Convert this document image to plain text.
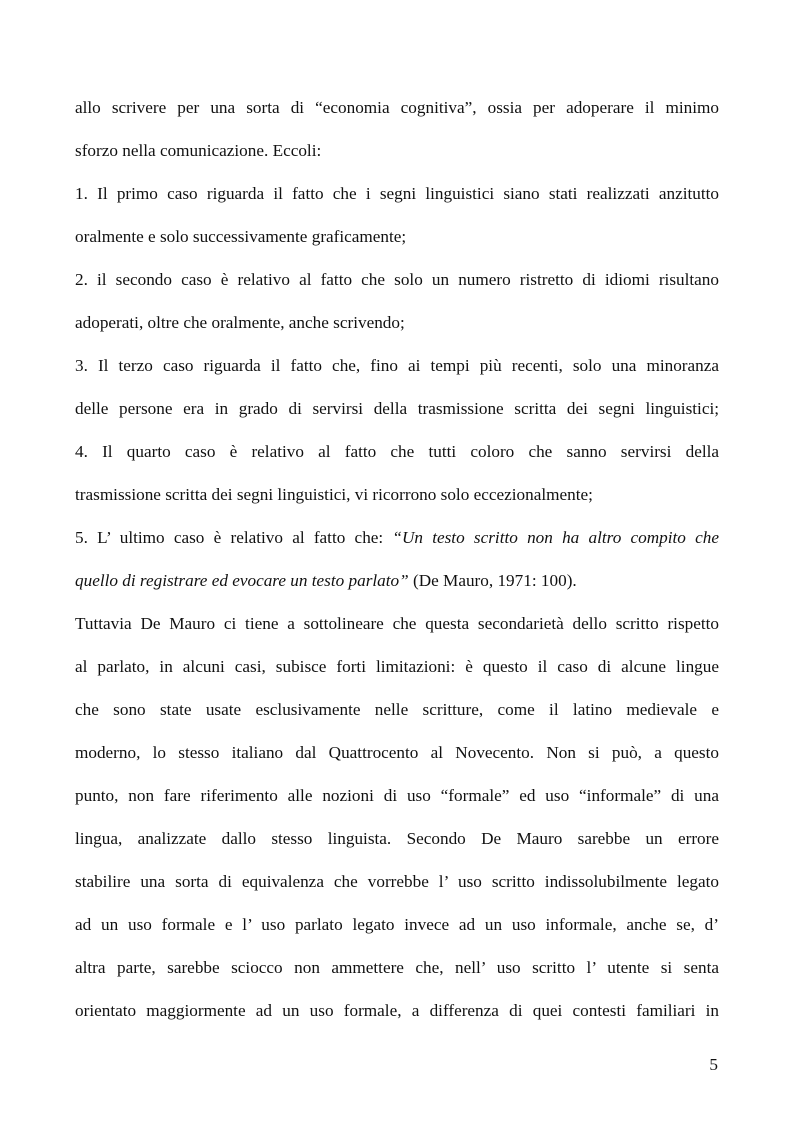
allo scrivere per una sorta di “economia cognitiva”, ossia per adoperare il minimo
sforzo nella comunicazione. Eccoli:
1. Il primo caso riguarda il fatto che i segni linguistici siano stati realizzati anzitutto
oralmente e solo successivamente graficamente;
2. il secondo caso è relativo al fatto che solo un numero ristretto di idiomi risultano
adoperati, oltre che oralmente, anche scrivendo;
3. Il terzo caso riguarda il fatto che, fino ai tempi più recenti, solo una minoranza
delle persone era in grado di servirsi della trasmissione scritta dei segni linguistici;
4. Il quarto caso è relativo al fatto che tutti coloro che sanno servirsi della
trasmissione scritta dei segni linguistici, vi ricorrono solo eccezionalmente;
5. L’ ultimo caso è relativo al fatto che: “Un testo scritto non ha altro compito che
quello di registrare ed evocare un testo parlato” (De Mauro, 1971: 100).
Tuttavia De Mauro ci tiene a sottolineare che questa secondarietà dello scritto rispetto
al parlato, in alcuni casi, subisce forti limitazioni: è questo il caso di alcune lingue
che sono state usate esclusivamente nelle scritture, come il latino medievale e
moderno, lo stesso italiano dal Quattrocento al Novecento. Non si può, a questo
punto, non fare riferimento alle nozioni di uso “formale” ed uso “informale” di una
lingua, analizzate dallo stesso linguista. Secondo De Mauro sarebbe un errore
stabilire una sorta di equivalenza che vorrebbe l’ uso scritto indissolubilmente legato
ad un uso formale e l’ uso parlato legato invece ad un uso informale, anche se, d’
altra parte, sarebbe sciocco non ammettere che, nell’ uso scritto l’ utente si senta
orientato maggiormente ad un uso formale, a differenza di quei contesti familiari in
5
